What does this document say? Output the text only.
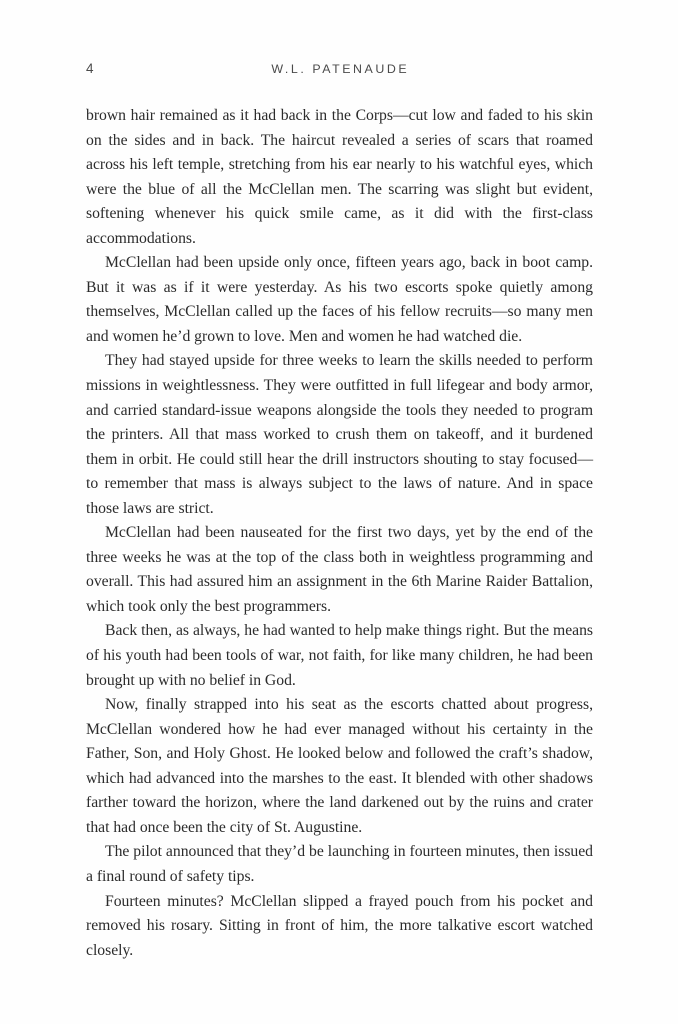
4	W.L. PATENAUDE

brown hair remained as it had back in the Corps—cut low and faded to his skin on the sides and in back. The haircut revealed a series of scars that roamed across his left temple, stretching from his ear nearly to his watchful eyes, which were the blue of all the McClellan men. The scarring was slight but evident, softening whenever his quick smile came, as it did with the first-class accommodations.

McClellan had been upside only once, fifteen years ago, back in boot camp. But it was as if it were yesterday. As his two escorts spoke quietly among themselves, McClellan called up the faces of his fellow recruits—so many men and women he’d grown to love. Men and women he had watched die.

They had stayed upside for three weeks to learn the skills needed to perform missions in weightlessness. They were outfitted in full lifegear and body armor, and carried standard-issue weapons alongside the tools they needed to program the printers. All that mass worked to crush them on takeoff, and it burdened them in orbit. He could still hear the drill instructors shouting to stay focused—to remember that mass is always subject to the laws of nature. And in space those laws are strict.

McClellan had been nauseated for the first two days, yet by the end of the three weeks he was at the top of the class both in weightless programming and overall. This had assured him an assignment in the 6th Marine Raider Battalion, which took only the best programmers.

Back then, as always, he had wanted to help make things right. But the means of his youth had been tools of war, not faith, for like many children, he had been brought up with no belief in God.

Now, finally strapped into his seat as the escorts chatted about progress, McClellan wondered how he had ever managed without his certainty in the Father, Son, and Holy Ghost. He looked below and followed the craft’s shadow, which had advanced into the marshes to the east. It blended with other shadows farther toward the horizon, where the land darkened out by the ruins and crater that had once been the city of St. Augustine.

The pilot announced that they’d be launching in fourteen minutes, then issued a final round of safety tips.

Fourteen minutes? McClellan slipped a frayed pouch from his pocket and removed his rosary. Sitting in front of him, the more talkative escort watched closely.
